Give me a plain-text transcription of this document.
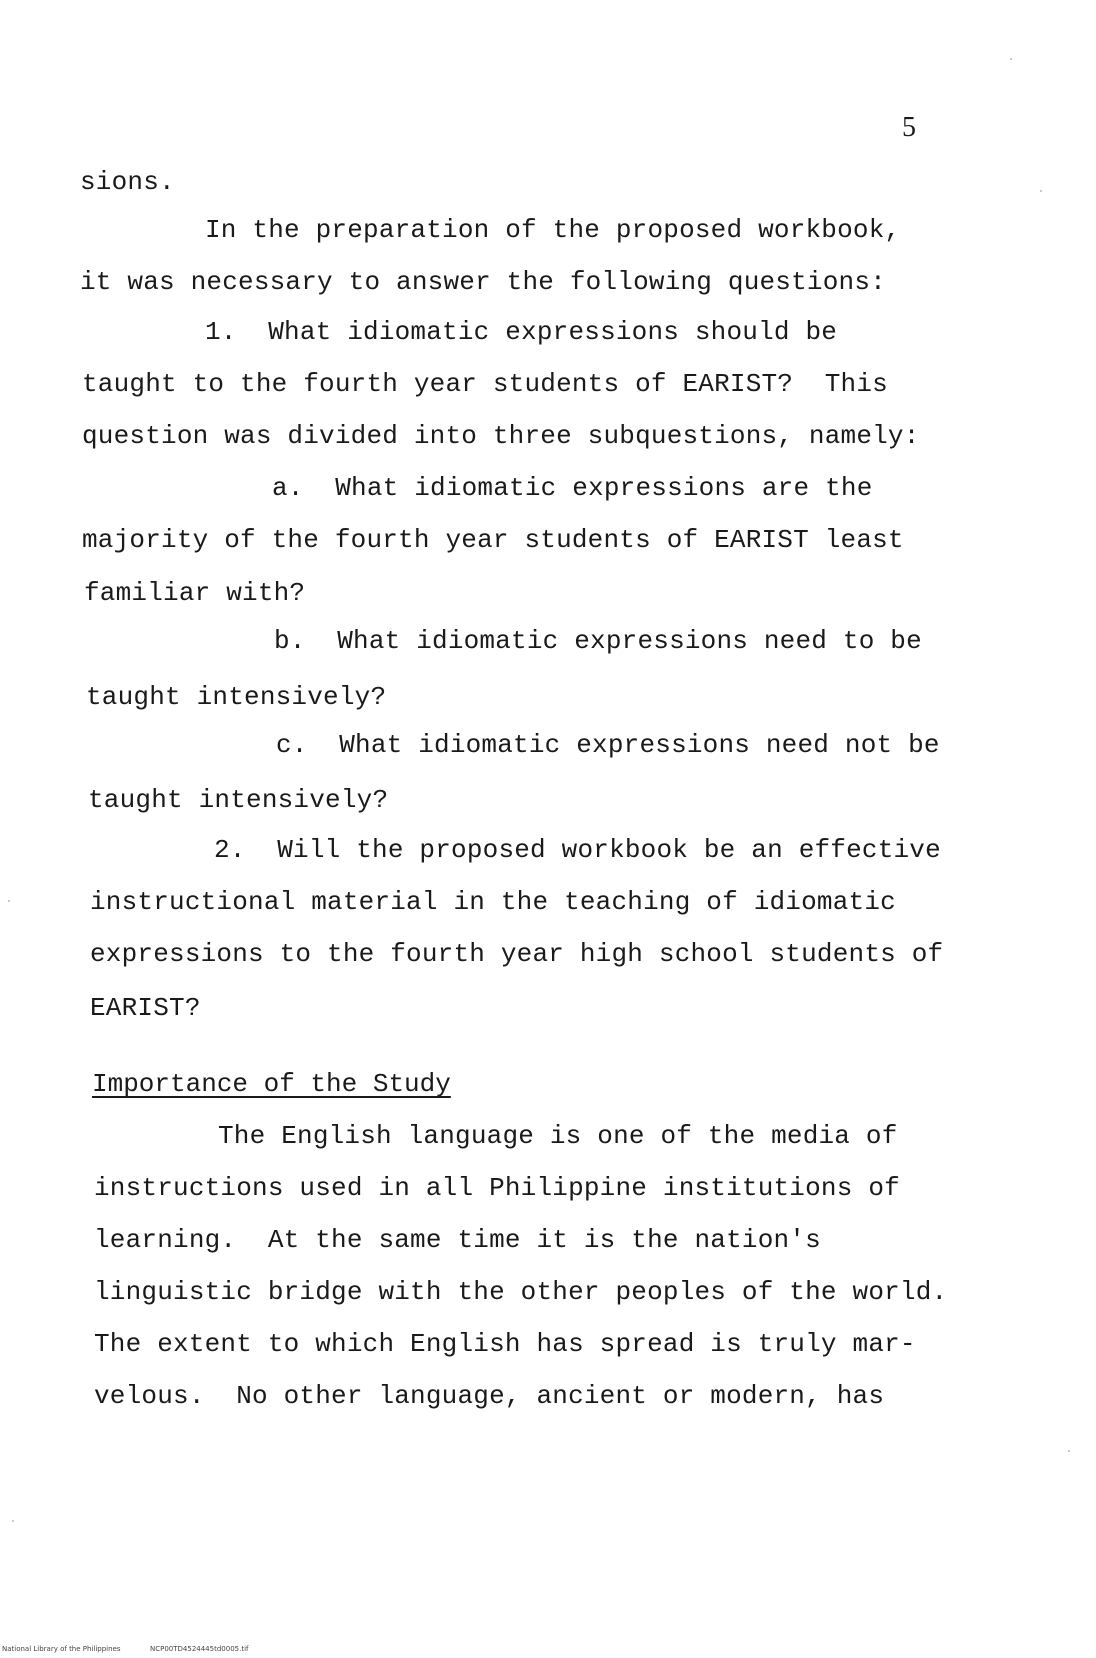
5
sions.
In the preparation of the proposed workbook,
it was necessary to answer the following questions:
1.  What idiomatic expressions should be
taught to the fourth year students of EARIST?  This
question was divided into three subquestions, namely:
a.  What idiomatic expressions are the
majority of the fourth year students of EARIST least
familiar with?
b.  What idiomatic expressions need to be
taught intensively?
c.  What idiomatic expressions need not be
taught intensively?
2.  Will the proposed workbook be an effective
instructional material in the teaching of idiomatic
expressions to the fourth year high school students of
EARIST?
Importance of the Study
The English language is one of the media of
instructions used in all Philippine institutions of
learning.  At the same time it is the nation's
linguistic bridge with the other peoples of the world.
The extent to which English has spread is truly mar-
velous.  No other language, ancient or modern, has
National Library of the Philippines	NCP00TD4524445td0005.tif
